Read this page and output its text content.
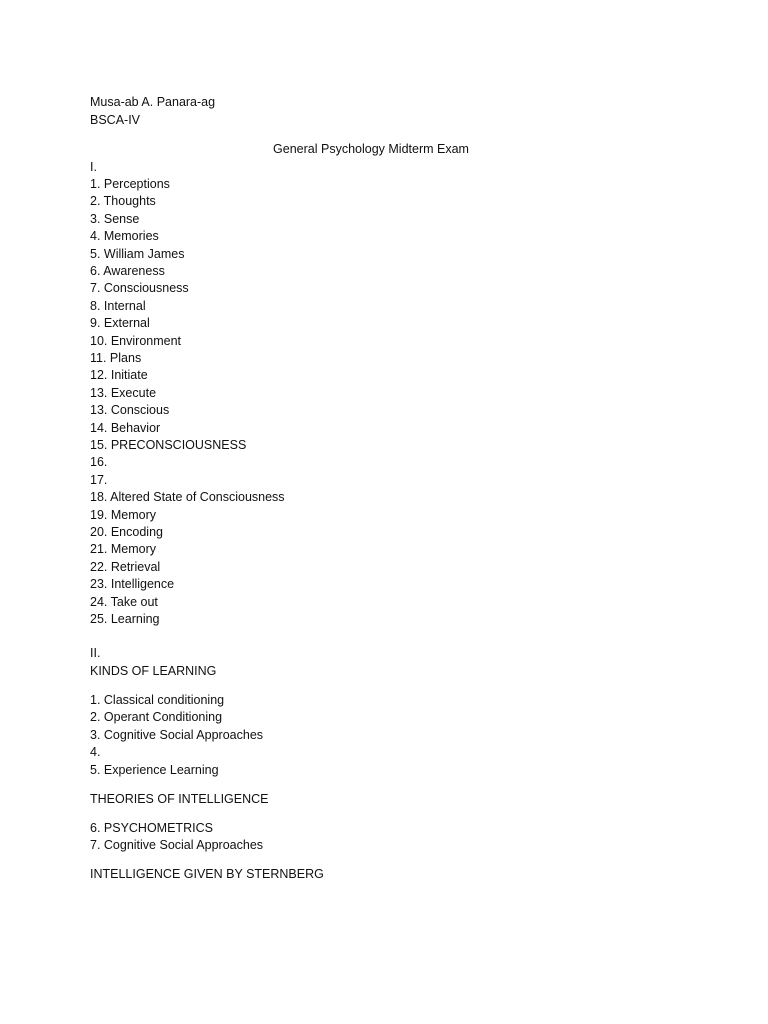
Musa-ab A. Panara-ag
BSCA-IV
General Psychology Midterm Exam
I.
1. Perceptions
2. Thoughts
3. Sense
4. Memories
5. William James
6. Awareness
7. Consciousness
8. Internal
9. External
10. Environment
11. Plans
12. Initiate
13. Execute
13. Conscious
14. Behavior
15. PRECONSCIOUSNESS
16.
17.
18. Altered State of Consciousness
19. Memory
20. Encoding
21. Memory
22. Retrieval
23. Intelligence
24. Take out
25. Learning
II.
KINDS OF LEARNING
1. Classical conditioning
2. Operant Conditioning
3. Cognitive Social Approaches
4.
5. Experience Learning
THEORIES OF INTELLIGENCE
6. PSYCHOMETRICS
7. Cognitive Social Approaches
INTELLIGENCE GIVEN BY STERNBERG
